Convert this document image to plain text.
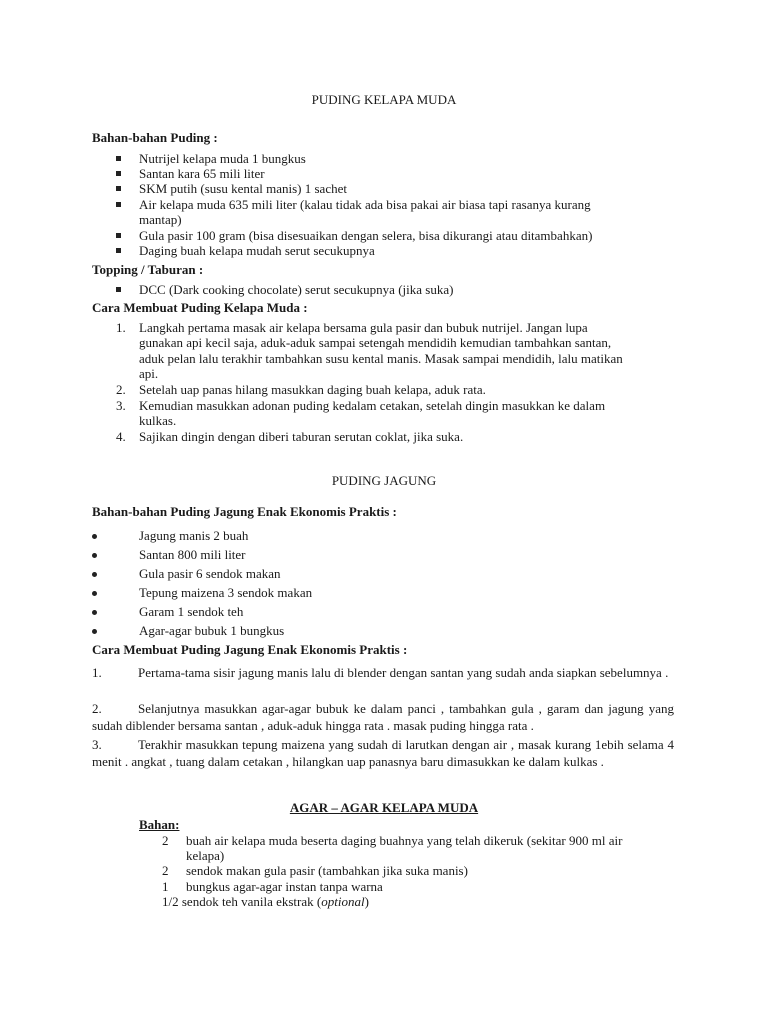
PUDING KELAPA MUDA
Bahan-bahan Puding :
Nutrijel kelapa muda 1 bungkus
Santan kara 65 mili liter
SKM putih (susu kental manis) 1 sachet
Air kelapa muda 635 mili liter (kalau tidak ada bisa pakai air biasa tapi rasanya kurang
mantap)
Gula pasir 100 gram (bisa disesuaikan dengan selera, bisa dikurangi atau ditambahkan)
Daging buah kelapa mudah serut secukupnya
Topping / Taburan :
DCC (Dark cooking chocolate) serut secukupnya (jika suka)
Cara Membuat Puding Kelapa Muda :
1. Langkah pertama masak air kelapa bersama gula pasir dan bubuk nutrijel. Jangan lupa
gunakan api kecil saja, aduk-aduk sampai setengah mendidih kemudian tambahkan santan,
aduk pelan lalu terakhir tambahkan susu kental manis. Masak sampai mendidih, lalu matikan
api.
2. Setelah uap panas hilang masukkan daging buah kelapa, aduk rata.
3. Kemudian masukkan adonan puding kedalam cetakan, setelah dingin masukkan ke dalam
kulkas.
4. Sajikan dingin dengan diberi taburan serutan coklat, jika suka.
PUDING JAGUNG
Bahan-bahan Puding Jagung Enak Ekonomis Praktis :
Jagung manis 2 buah
Santan 800 mili liter
Gula pasir 6 sendok makan
Tepung maizena 3 sendok makan
Garam 1 sendok teh
Agar-agar bubuk 1 bungkus
Cara Membuat Puding Jagung Enak Ekonomis Praktis :
1.	Pertama-tama sisir jagung manis lalu di blender dengan santan yang sudah anda siapkan sebelumnya .
2.	Selanjutnya masukkan agar-agar bubuk ke dalam panci , tambahkan gula , garam dan jagung yang sudah diblender bersama santan , aduk-aduk hingga rata . masak puding hingga rata .
3.	Terakhir masukkan tepung maizena yang sudah di larutkan dengan air , masak kurang 1ebih selama 4 menit . angkat , tuang dalam cetakan , hilangkan uap panasnya baru dimasukkan ke dalam kulkas .
AGAR – AGAR KELAPA MUDA
Bahan:
2 buah air kelapa muda beserta daging buahnya yang telah dikeruk (sekitar 900 ml air
kelapa)
2 sendok makan gula pasir (tambahkan jika suka manis)
1 bungkus agar-agar instan tanpa warna
1/2 sendok teh vanila ekstrak (optional)
